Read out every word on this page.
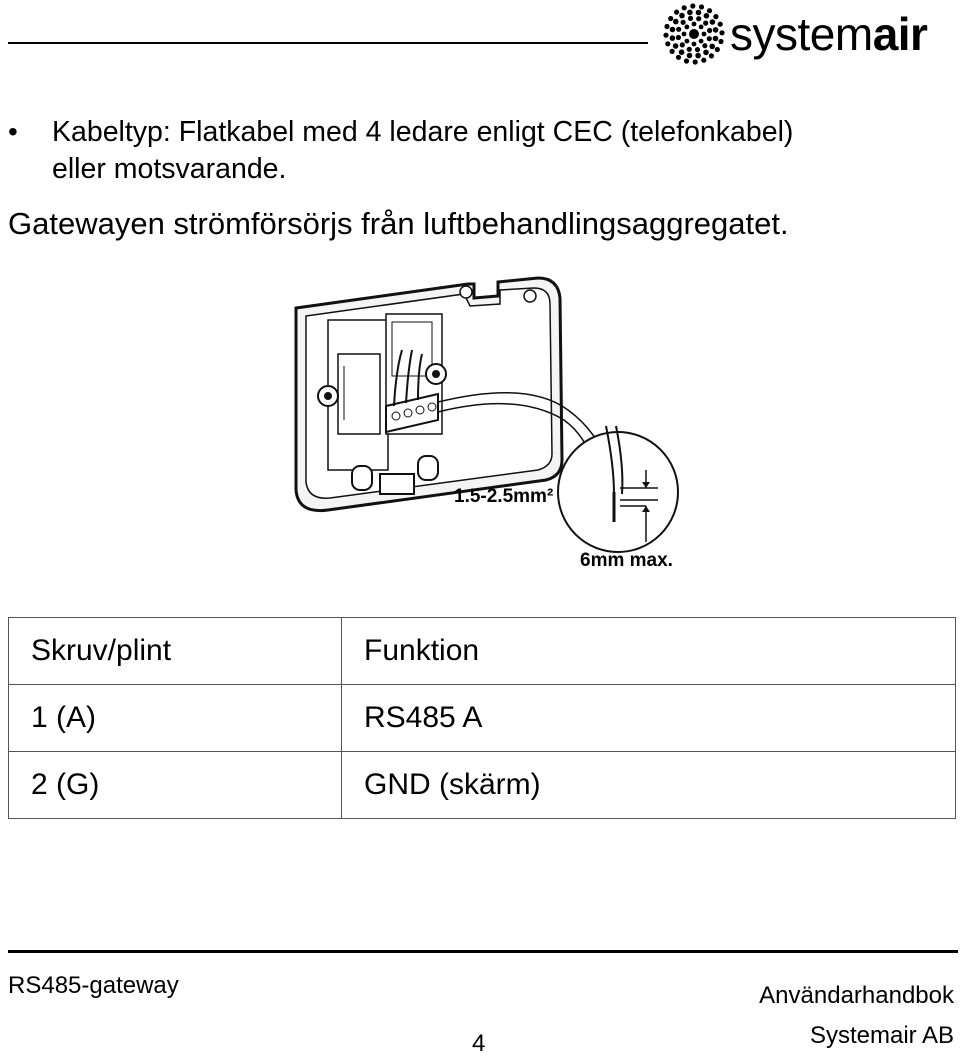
systemair
• Kabeltyp: Flatkabel med 4 ledare enligt CEC (telefonkabel)
eller motsvarande.
Gatewayen strömförsörjs från luftbehandlingsaggregatet.
1.5-2.5mm²
6mm max.
Skruv/plint	Funktion
1 (A)	RS485 A
2 (G)	GND (skärm)
RS485-gateway
4
Användarhandbok
Systemair AB
